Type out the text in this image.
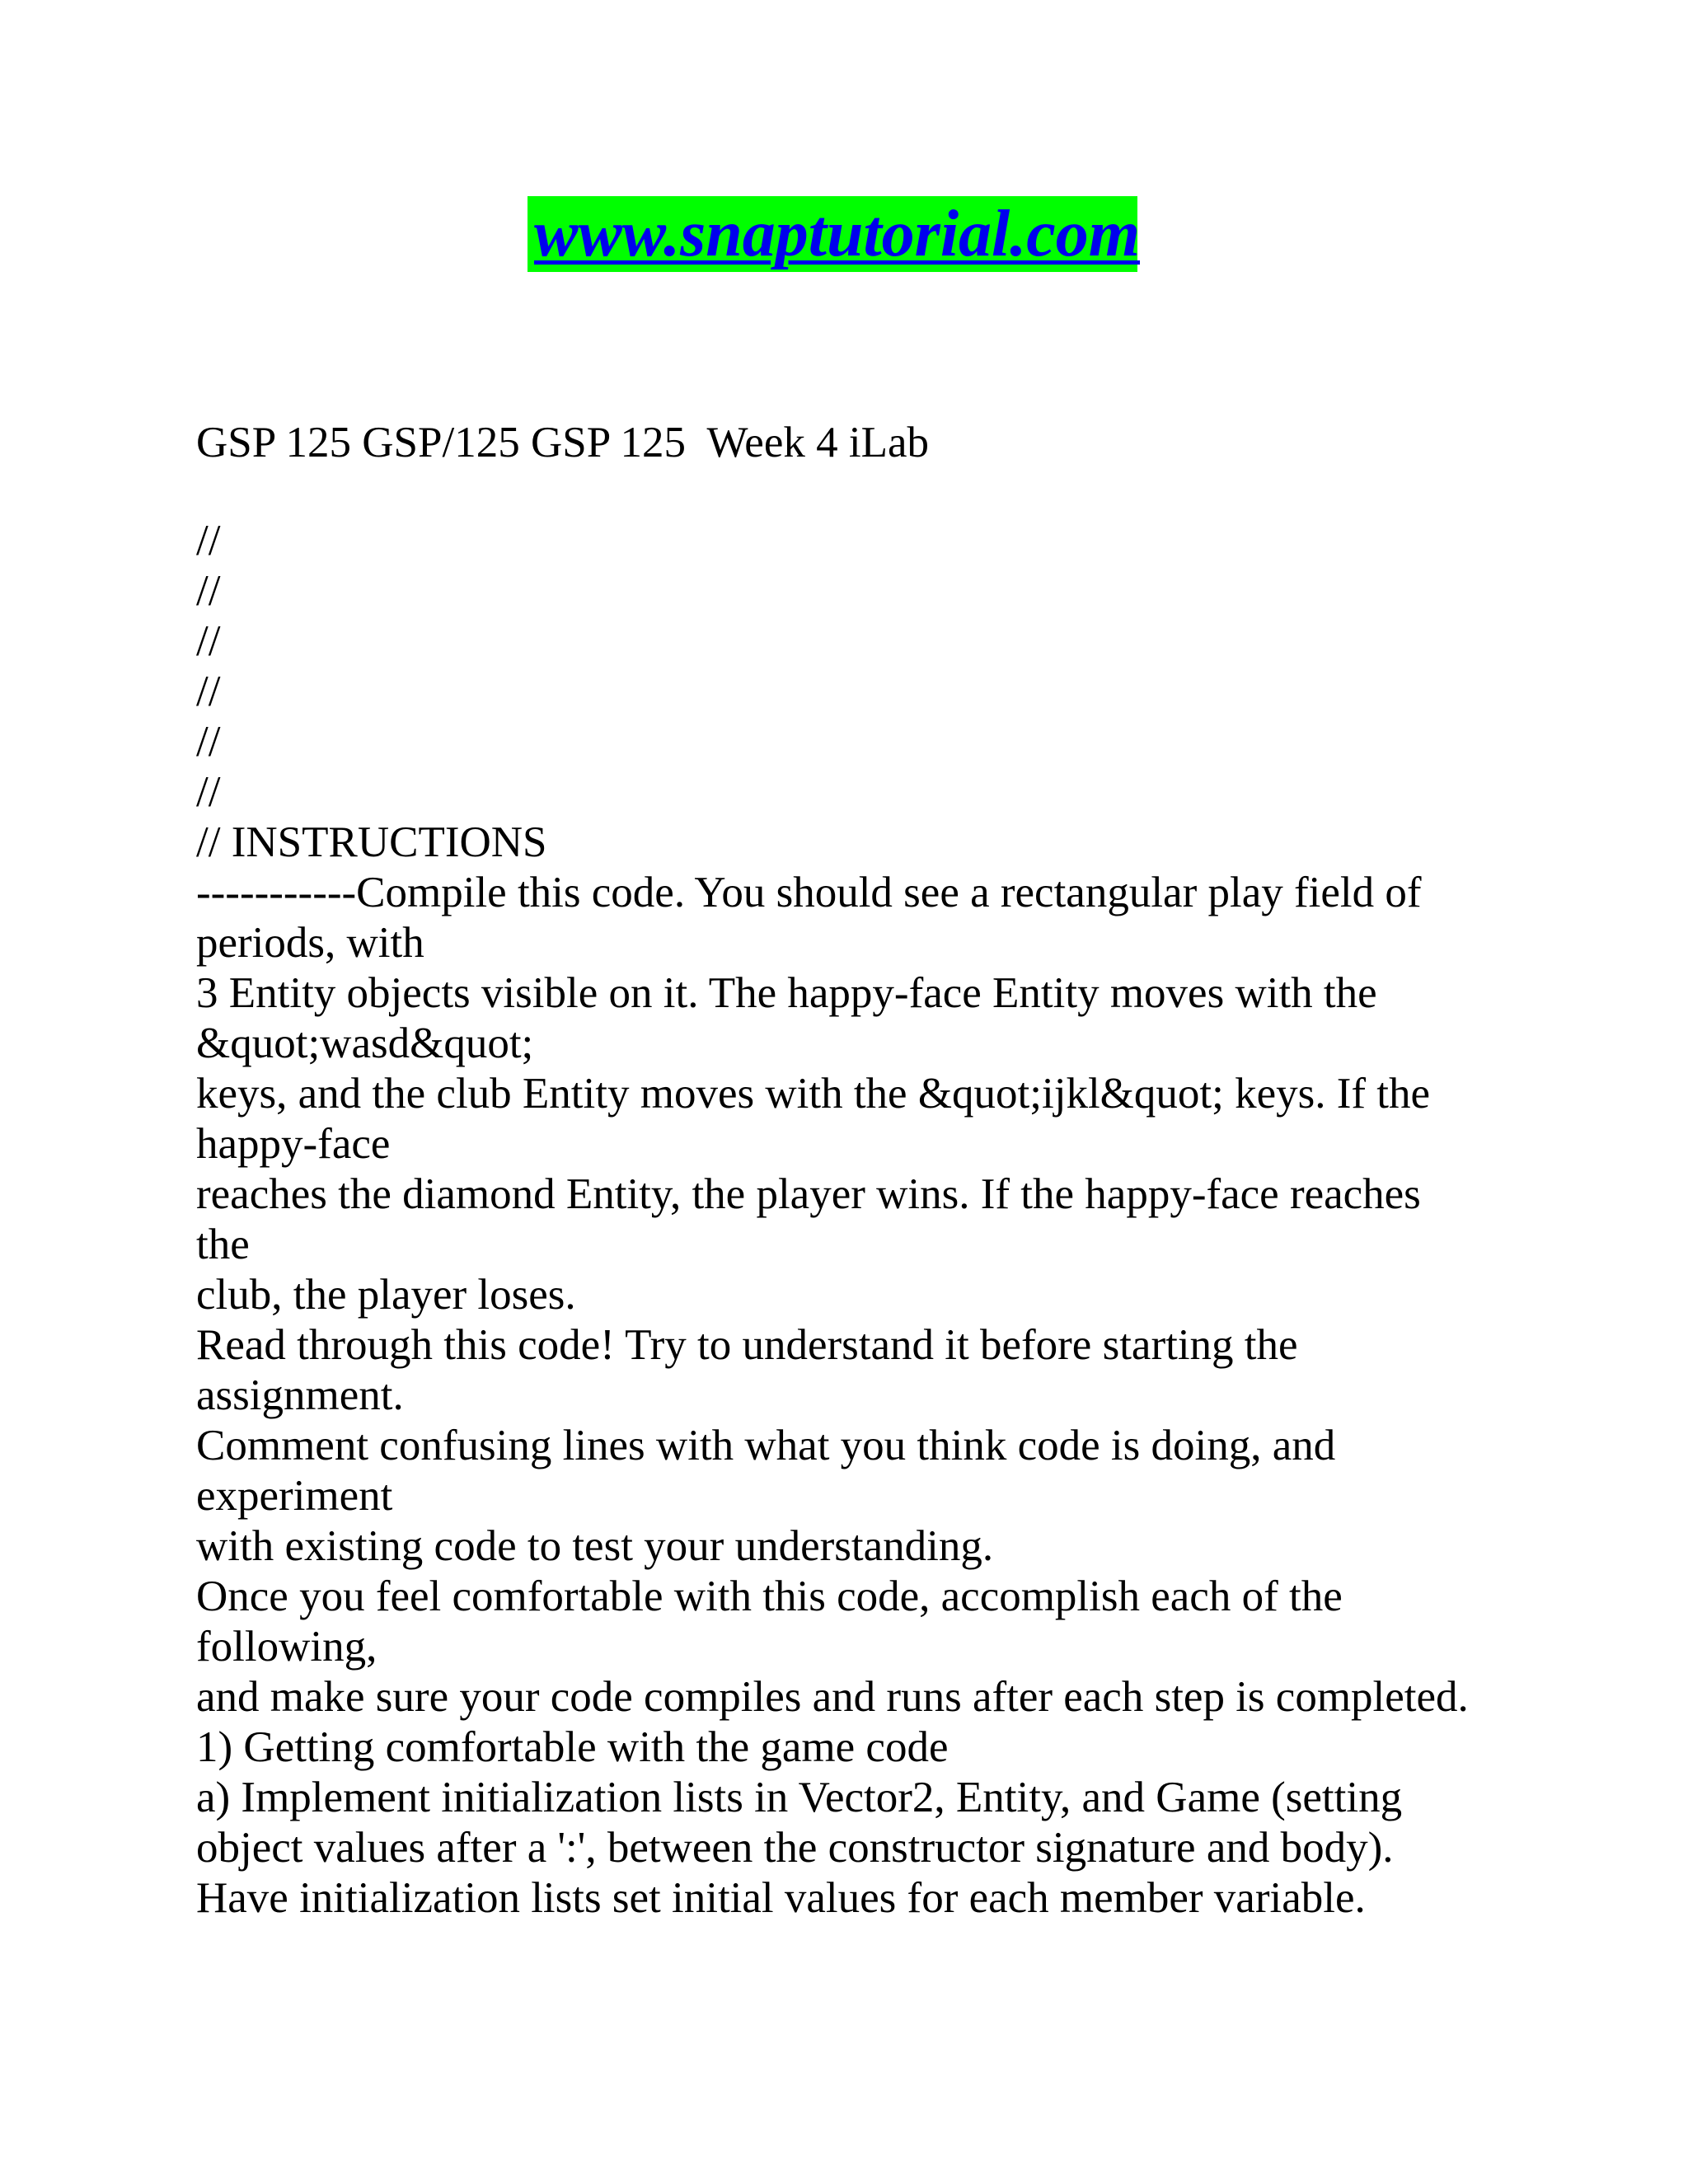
www.snaptutorial.com
GSP 125 GSP/125 GSP 125  Week 4 iLab
//
//
//
//
//
//
// INSTRUCTIONS
-----------Compile this code. You should see a rectangular play field of
periods, with
3 Entity objects visible on it. The happy-face Entity moves with the
&quot;wasd&quot;
keys, and the club Entity moves with the &quot;ijkl&quot; keys. If the
happy-face
reaches the diamond Entity, the player wins. If the happy-face reaches
the
club, the player loses.
Read through this code! Try to understand it before starting the
assignment.
Comment confusing lines with what you think code is doing, and
experiment
with existing code to test your understanding.
Once you feel comfortable with this code, accomplish each of the
following,
and make sure your code compiles and runs after each step is completed.
1) Getting comfortable with the game code
a) Implement initialization lists in Vector2, Entity, and Game (setting
object values after a ':', between the constructor signature and body).
Have initialization lists set initial values for each member variable.
